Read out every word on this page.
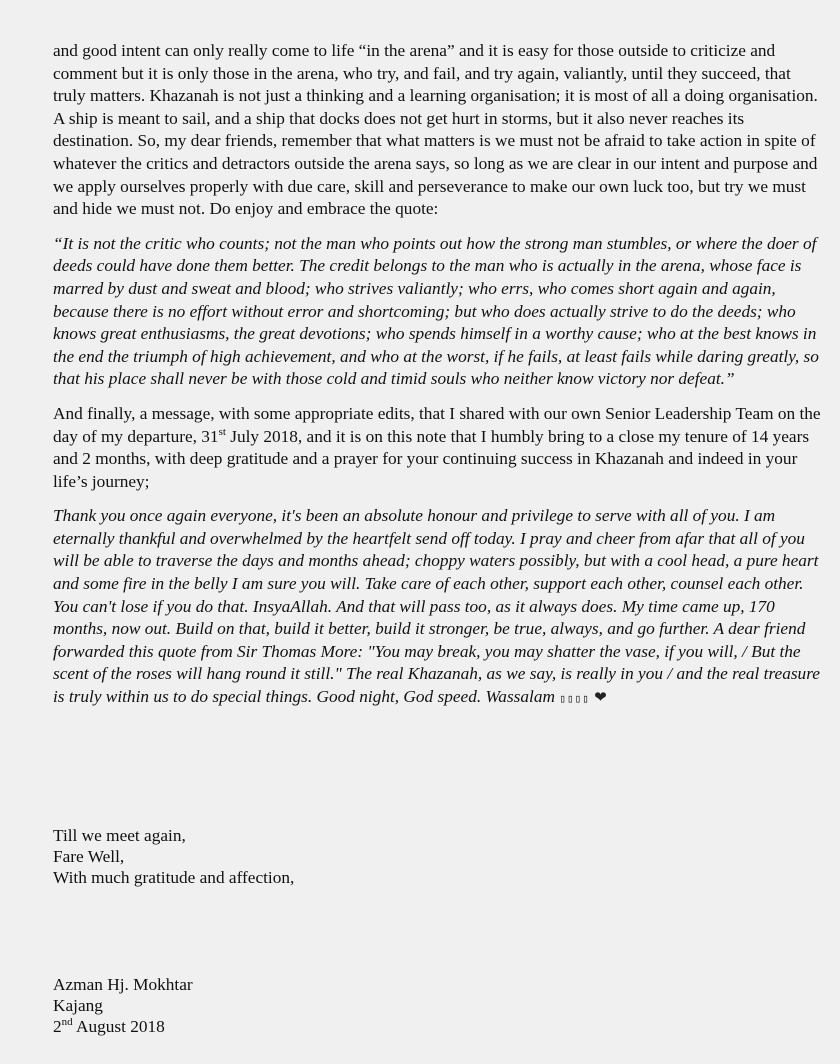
and good intent can only really come to life “in the arena” and it is easy for those outside to criticize and comment but it is only those in the arena, who try, and fail, and try again, valiantly, until they succeed, that truly matters. Khazanah is not just a thinking and a learning organisation; it is most of all a doing organisation. A ship is meant to sail, and a ship that docks does not get hurt in storms, but it also never reaches its destination. So, my dear friends, remember that what matters is we must not be afraid to take action in spite of whatever the critics and detractors outside the arena says, so long as we are clear in our intent and purpose and we apply ourselves properly with due care, skill and perseverance to make our own luck too, but try we must and hide we must not. Do enjoy and embrace the quote:

“It is not the critic who counts; not the man who points out how the strong man stumbles, or where the doer of deeds could have done them better. The credit belongs to the man who is actually in the arena, whose face is marred by dust and sweat and blood; who strives valiantly; who errs, who comes short again and again, because there is no effort without error and shortcoming; but who does actually strive to do the deeds; who knows great enthusiasms, the great devotions; who spends himself in a worthy cause; who at the best knows in the end the triumph of high achievement, and who at the worst, if he fails, at least fails while daring greatly, so that his place shall never be with those cold and timid souls who neither know victory nor defeat.”

And finally, a message, with some appropriate edits, that I shared with our own Senior Leadership Team on the day of my departure, 31st July 2018, and it is on this note that I humbly bring to a close my tenure of 14 years and 2 months, with deep gratitude and a prayer for your continuing success in Khazanah and indeed in your life’s journey;

Thank you once again everyone, it's been an absolute honour and privilege to serve with all of you. I am eternally thankful and overwhelmed by the heartfelt send off today. I pray and cheer from afar that all of you will be able to traverse the days and months ahead; choppy waters possibly, but with a cool head, a pure heart and some fire in the belly I am sure you will. Take care of each other, support each other, counsel each other. You can't lose if you do that. InsyaAllah. And that will pass too, as it always does. My time came up, 170 months, now out. Build on that, build it better, build it stronger, be true, always, and go further. A dear friend forwarded this quote from Sir Thomas More: "You may break, you may shatter the vase, if you will, / But the scent of the roses will hang round it still." The real Khazanah, as we say, is really in you / and the real treasure is truly within us to do special things. Good night, God speed. Wassalam ▯▯▯▯ ❤

Till we meet again,
Fare Well,
With much gratitude and affection,
Azman Hj. Mokhtar
Kajang
2nd August 2018
